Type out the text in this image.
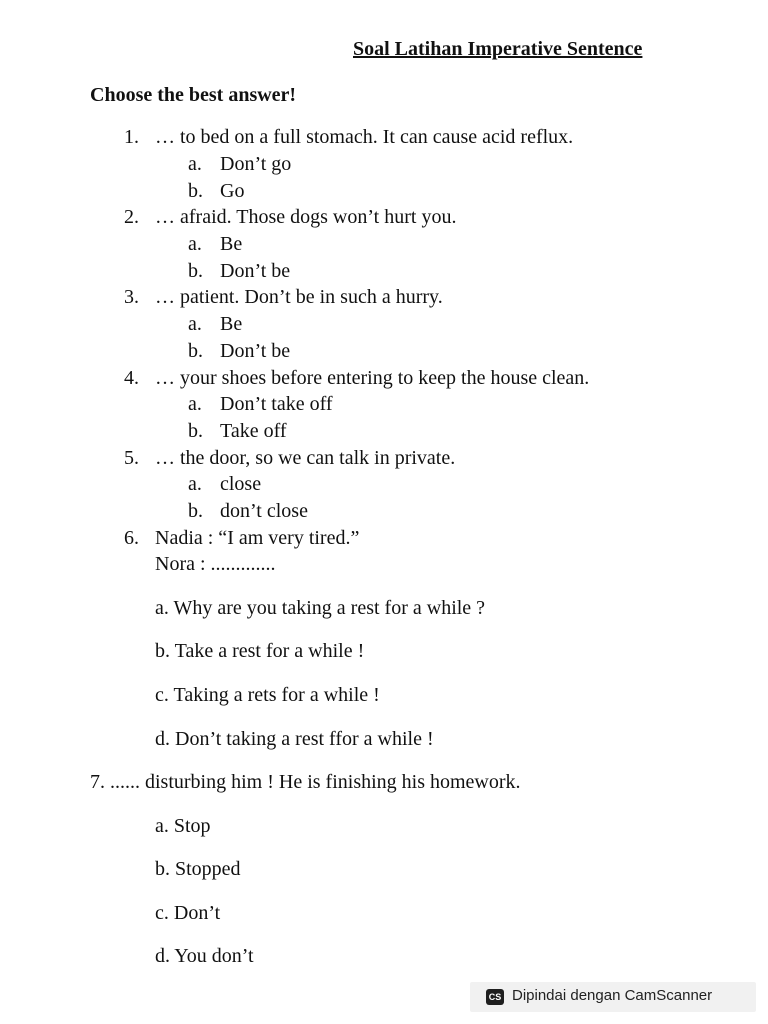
Soal Latihan Imperative Sentence
Choose the best answer!
1. … to bed on a full stomach. It can cause acid reflux.
a. Don’t go
b. Go
2. … afraid. Those dogs won’t hurt you.
a. Be
b. Don’t be
3. … patient. Don’t be in such a hurry.
a. Be
b. Don’t be
4. … your shoes before entering to keep the house clean.
a. Don’t take off
b. Take off
5. … the door, so we can talk in private.
a. close
b. don’t close
6. Nadia : “I am very tired.”
Nora : .............
a. Why are you taking a rest for a while ?
b. Take a rest for a while !
c. Taking a rets for a while !
d. Don’t taking a rest ffor a while !
7. ...... disturbing him ! He is finishing his homework.
a. Stop
b. Stopped
c. Don’t
d. You don’t
CS Dipindai dengan CamScanner
